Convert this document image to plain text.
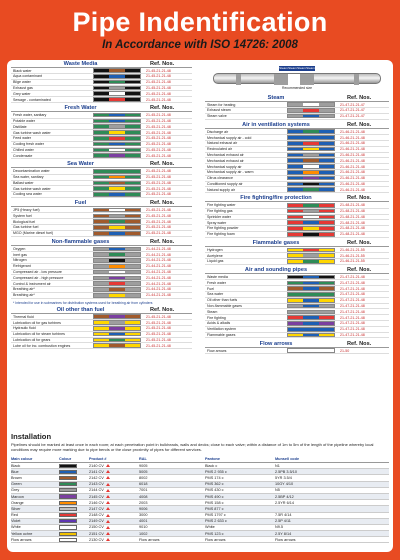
Pipe Indentification
In Accordance with ISO 14726: 2008
Waste Media	Ref. Nos.
Black water	21-45-21-21-48
Aqua contaminant	21-45-21-21-48
Bilge water	21-45-21-21-48
Exhaust gas	21-45-21-21-48
Grey water	21-45-21-21-48
Sewage - contaminated	21-45-21-21-48
Fresh Water	Ref. Nos.
Fresh water, sanitary	21-45-21-21-48
Potable water	21-45-21-21-48
Distillate	21-45-21-21-48
Gas turbine wash water	21-45-21-21-48
Feed water	21-45-21-21-48
Cooling fresh water	21-45-21-21-48
Chilled water	21-45-21-21-48
Condensate	21-45-21-21-48
Sea Water	Ref. Nos.
Decontamination water	21-45-21-21-48
Sea water, sanitary	21-45-21-21-48
Ballast water	21-45-21-21-48
Gas turbine wash water	21-45-21-21-48
Cooling sea water	21-45-21-21-48
Fuel	Ref. Nos.
JP5 (Heavy fuel)	21-45-21-21-48
System fuel	21-45-21-21-48
Biological fuel	21-45-21-21-48
Gas turbine fuel	21-45-21-21-48
MGO (Marine diesel fuel)	21-45-21-21-48
Non-flammable gases	Ref. Nos.
Oxygen	21-44-21-21-48
Inert gas	21-44-21-21-48
Nitrogen	21-44-21-21-48
Refrigerant	21-44-21-21-48
Compressed air - low pressure	21-44-21-21-48
Compressed air - high pressure	21-44-21-21-48
Control & instrument air	21-44-21-21-48
Breathing air*	21-44-21-21-48
Breathing air*	21-44-21-21-48
* Intended for use in submarines for distribution systems used for breathing air from cylinders
Oil other than fuel	Ref. Nos.
Thermal fluid	21-45-21-21-48
Lubrication oil for gas turbines	21-45-21-21-48
Hydraulic fluid	21-45-21-21-48
Lubrication oil for steam turbines	21-45-21-21-48
Lubrication oil for gears	21-45-21-21-48
Lube oil for inc. combustion engines	21-45-21-21-48
Steam Steam Steam Steam
Recommended size
Steam	Ref. Nos.
Steam for heating	21-47-21-21-47
Exhaust steam	21-47-21-21-47
Steam valve	21-47-21-21-47
Air in ventilation systems	Ref. Nos.
Discharge air	21-46-21-21-48
Mechanical supply air - cold	21-46-21-21-48
Natural exhaust air	21-46-21-21-48
Recirculated air	21-46-21-21-48
Mechanical exhaust air	21-46-21-21-48
Mechanical exhaust air	21-46-21-21-48
Mechanical supply air	21-46-21-21-48
Mechanical supply air - warm	21-46-21-21-48
Citrus clearance	21-46-21-21-48
Conditioned supply air	21-46-21-21-48
Natural supply air	21-46-21-21-48
Fire fighting/fire protection	Ref. Nos.
Fire fighting water	21-48-21-21-48
Fire fighting gas	21-48-21-21-48
Sprinkler water	21-48-21-21-48
Spray water	21-48-21-21-48
Fire fighting powder	21-48-21-21-48
Fire fighting foam	21-48-21-21-48
Flammable gases	Ref. Nos.
Hydrogen	21-46-21-21-55
Acetylene	21-46-21-21-55
Liquid gas	21-46-21-21-55
Air and sounding pipes	Ref. Nos.
Waste media	21-47-21-21-48
Fresh water	21-47-21-21-48
Fuel	21-47-21-21-48
Sea water	21-47-21-21-48
Oil other than fuels	21-47-21-21-48
Non-flammable gases	21-47-21-21-48
Steam	21-47-21-21-48
Fire fighting	21-47-21-21-48
Acids & alkalis	21-47-21-21-48
Ventilation system	21-47-21-21-48
Flammable gases	21-47-21-21-48
Flow arrows	Ref. Nos.
Flow arrows	21-50
Installation
Pipelines should be marked at least once in each room; at each penetration point in bulkheads, walls and decks; close to each valve; within a distance of 1m to 5m of the length of the pipeline whereby local conditions may require more marking due to pipe bends or the close proximity of pipes for different services.
Main colour	Colour	Product #	RAL	Pantone	Munsell code
Black	2140 CV	9005	Black c	N1
Blue	2141 CV	5005	PMS 2 935 c	2.5PB 3.5/10
Brown	2142 CV	8002	PMS 174 c	5YR 3.5/4
Green	2143 CV	6018	PMS 362 c	10GY 4/10
Grey	2144 CV	7001	PMS 430 c	N5
Maroon	2145 CV	4008	PMS 490 c	2.5BP 4/12
Orange	2146 CV	2003	PMS 158 c	2.5YR 6/14
Silver	2147 CV	9006	PMS 877 c
Red	2148 CV	3000	PMS 1797 c	7.5R 4/14
Violet	2149 CV	4001	PMS 2 633 c	2.5P 4/11
White	2150 CV	9010	White	N9.5
Yellow ochre	2151 CV	1002	PMS 123 c	2.5Y 8/14
Flow arrows	2130 CV	Flow arrows	Flow arrows	Flow arrows
